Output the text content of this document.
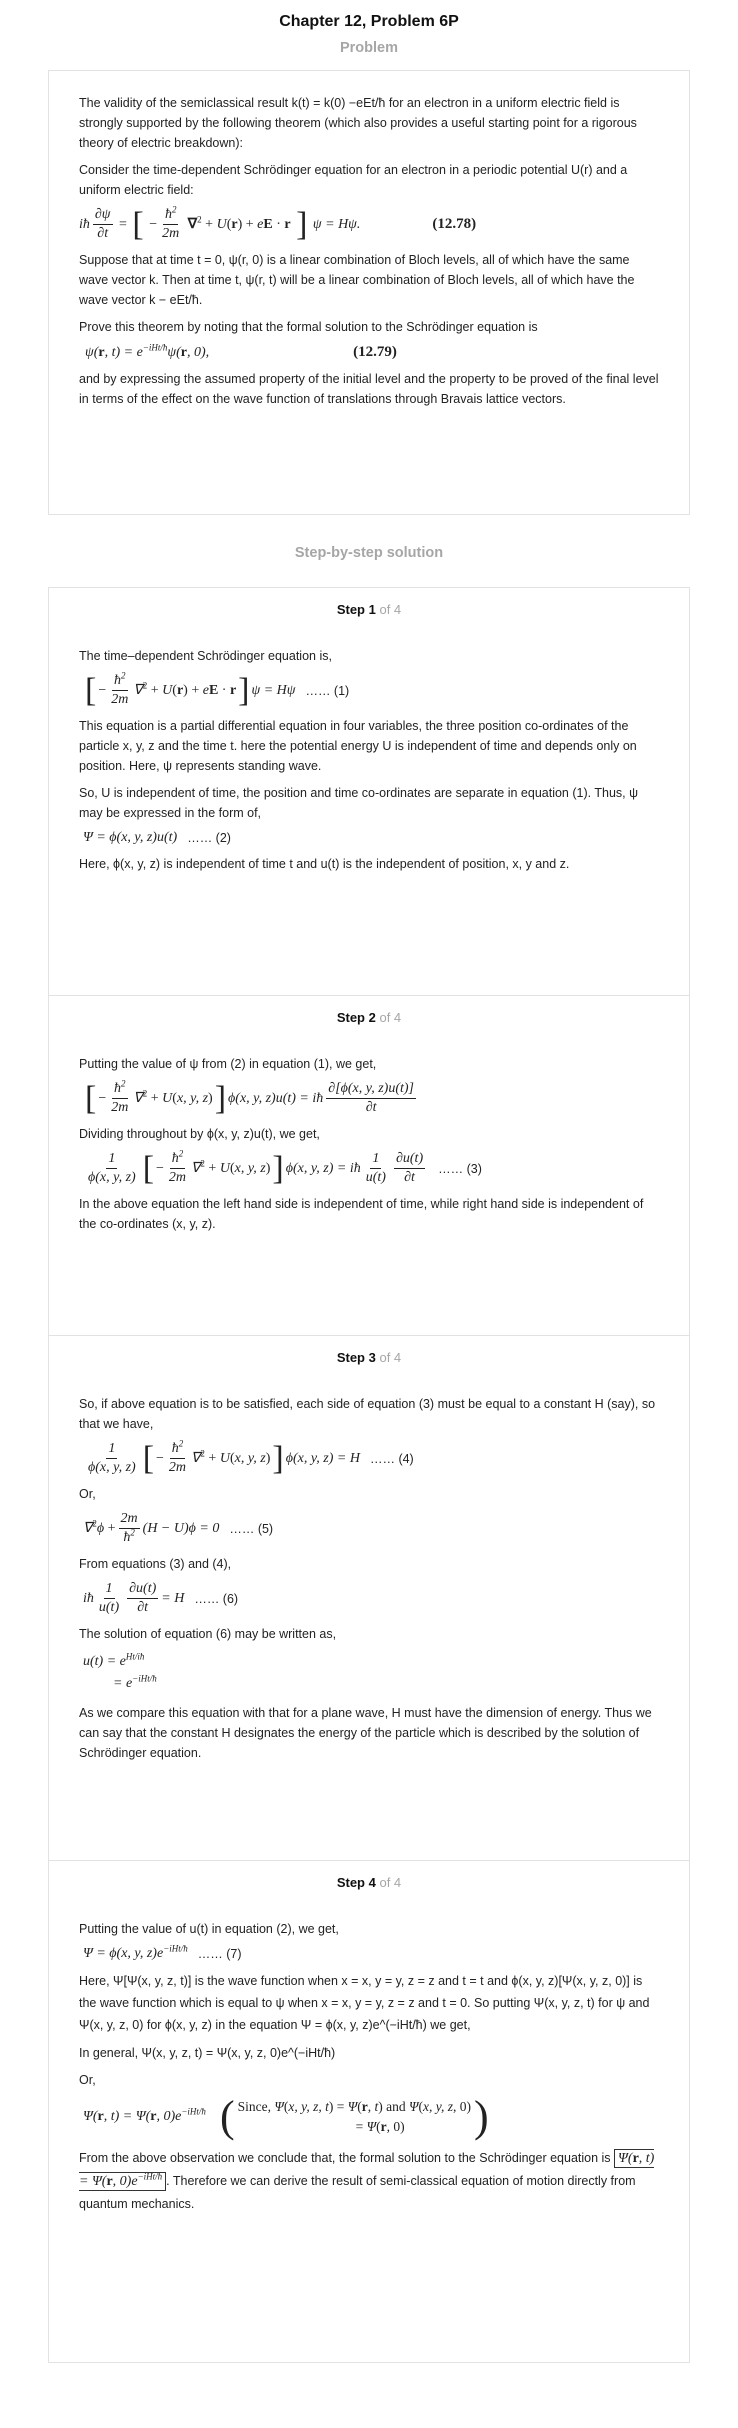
Chapter 12, Problem 6P
Problem

The validity of the semiclassical result k(t) = k(0) −eEt/ħ for an electron in a uniform electric field is strongly supported by the following theorem (which also provides a useful starting point for a rigorous theory of electric breakdown):

Consider the time-dependent Schrödinger equation for an electron in a periodic potential U(r) and a uniform electric field:

iħ $\frac{\partial\psi}{\partial t}$ = [ − $\frac{ħ^2}{2m} \nabla^2 + U(r)$ + eE · r ] ψ = Hψ.	(12.78)

Suppose that at time t = 0, ψ(r, 0) is a linear combination of Bloch levels, all of which have the same wave vector k. Then at time t, ψ(r, t) will be a linear combination of Bloch levels, all of which have the wave vector k − eEt/ħ.

Prove this theorem by noting that the formal solution to the Schrödinger equation is

ψ(r, $t) = e^{-iHt/ħ}\psi(r$, 0),	(12.79)

and by expressing the assumed property of the initial level and the property to be proved of the final level in terms of the effect on the wave function of translations through Bravais lattice vectors.

Step-by-step solution
Step 1 of 4

The time–dependent Schrödinger equation is,

[ − $\frac{ħ^2}{2m} \nabla^2 + U(r)$ + eE · r ] ψ = Hψ …… (1)

This equation is a partial differential equation in four variables, the three position co-ordinates of the particle x, y, z and the time t. here the potential energy U is independent of time and depends only on position. Here, ψ represents standing wave.

So, U is independent of time, the position and time co-ordinates are separate in equation (1). Thus, ψ may be expressed in the form of,

Ψ = ϕ(x, y, z)u(t) …… (2)

Here, ϕ(x, y, z) is independent of time t and u(t) is the independent of position, x, y and z.

Step 2 of 4

Putting the value of ψ from (2) in equation (1), we get,

[ − $\frac{ħ^2}{2m} \nabla^2 + U(x$, y, z) ] ϕ(x, y, z)u(t) = iħ $\frac{\partial[\phi(x, y, z)u(t)]}{\partial t}$

Dividing throughout by ϕ(x, y, z)u(t), we get,

$\frac{1}{\phi(x, y, z)}$ [ − $\frac{ħ^2}{2m} \nabla^2 + U(x$, y, z) ] ϕ(x, y, z) = iħ $\frac{1}{u(t)} \frac{\partial u(t)}{\partial t}$ …… (3)

In the above equation the left hand side is independent of time, while right hand side is independent of the co-ordinates (x, y, z).

Step 3 of 4

So, if above equation is to be satisfied, each side of equation (3) must be equal to a constant H (say), so that we have,

$\frac{1}{\phi(x, y, z)}$ [ − $\frac{ħ^2}{2m} \nabla^2 + U(x$, y, z) ] ϕ(x, y, z) = H …… (4)

Or,

$\nabla^2\phi + \frac{2m}{ħ^2} (H - U)\phi = 0$ …… (5)

From equations (3) and (4),

iħ $\frac{1}{u(t)} \frac{\partial u(t)}{\partial t} = H$ …… (6)

The solution of equation (6) may be written as,

$u(t) = e^{Ht/iħ}$
= $e^{-iHt/ħ}$

As we compare this equation with that for a plane wave, H must have the dimension of energy. Thus we can say that the constant H designates the energy of the particle which is described by the solution of Schrödinger equation.

Step 4 of 4

Putting the value of u(t) in equation (2), we get,

Ψ = ϕ(x, y, $z)e^{-iHt/ħ}$ …… (7)

Here, Ψ[Ψ(x, y, z, t)] is the wave function when x = x, y = y, z = z and t = t and ϕ(x, y, z)[Ψ(x, y, z, 0)] is the wave function which is equal to ψ when x = x, y = y, z = z and t = 0. So putting Ψ(x, y, z, t) for ψ and Ψ(x, y, z, 0) for ϕ(x, y, z) in the equation Ψ = ϕ(x, y, z)e^(−iHt/ħ) we get,

In general, Ψ(x, y, z, t) = Ψ(x, y, z, 0)e^(−iHt/ħ)

Or,

Ψ(r, t) = Ψ(r, $0)e^{-iHt/ħ}$ ( Since, Ψ(x, y, z, t) = Ψ(r, t) and Ψ(x, y, z, 0)
= Ψ(r, 0)	)

From the above observation we conclude that, the formal solution to the Schrödinger equation is Ψ(r, t) = Ψ(r, $0)e^{-iHt/ħ}$ . Therefore we can derive the result of semi-classical equation of motion directly from quantum mechanics.
